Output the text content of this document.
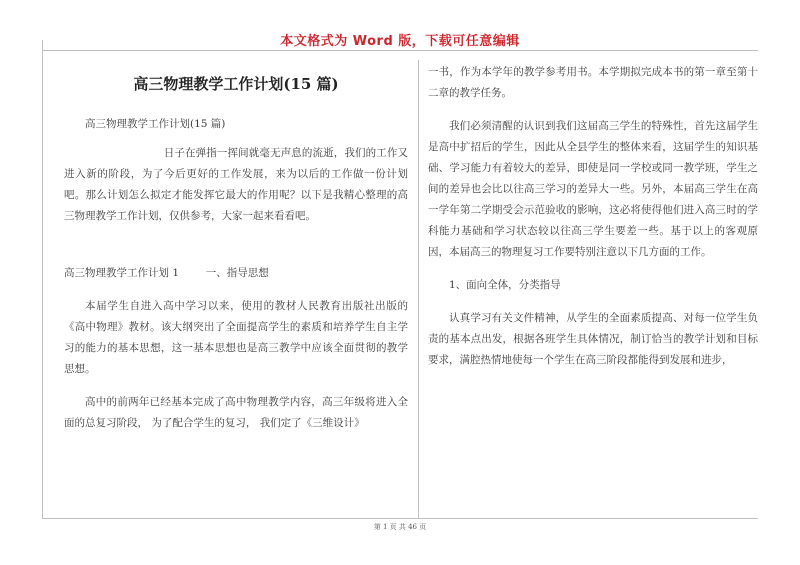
本文格式为 Word 版，下载可任意编辑
高三物理教学工作计划(15 篇)

高三物理教学工作计划(15 篇)

日子在弹指一挥间就毫无声息的流逝，我们的工作又进入新的阶段，为了今后更好的工作发展，来为以后的工作做一份计划吧。那么计划怎么拟定才能发挥它最大的作用呢？以下是我精心整理的高三物理教学工作计划，仅供参考，大家一起来看看吧。

高三物理教学工作计划 1        一、指导思想

本届学生自进入高中学习以来，使用的教材人民教育出版社出版的《高中物理》教材。该大纲突出了全面提高学生的素质和培养学生自主学习的能力的基本思想，这一基本思想也是高三教学中应该全面贯彻的教学思想。

高中的前两年已经基本完成了高中物理教学内容，高三年级将进入全面的总复习阶段， 为了配合学生的复习， 我们定了《三维设计》

一书，作为本学年的教学参考用书。本学期拟完成本书的第一章至第十二章的教学任务。

我们必须清醒的认识到我们这届高三学生的特殊性，首先这届学生是高中扩招后的学生，因此从全县学生的整体来看，这届学生的知识基础、学习能力有着较大的差异，即使是同一学校或同一教学班，学生之间的差异也会比以往高三学习的差异大一些。另外，本届高三学生在高一学年第二学期受会示范验收的影响，这必将使得他们进入高三时的学科能力基础和学习状态较以往高三学生要差一些。基于以上的客观原因，本届高三的物理复习工作要特别注意以下几方面的工作。

1、面向全体，分类指导

认真学习有关文件精神，从学生的全面素质提高、对每一位学生负责的基本点出发，根据各班学生具体情况，制订恰当的教学计划和目标要求，满腔热情地使每一个学生在高三阶段都能得到发展和进步，

第 1 页 共 46 页
